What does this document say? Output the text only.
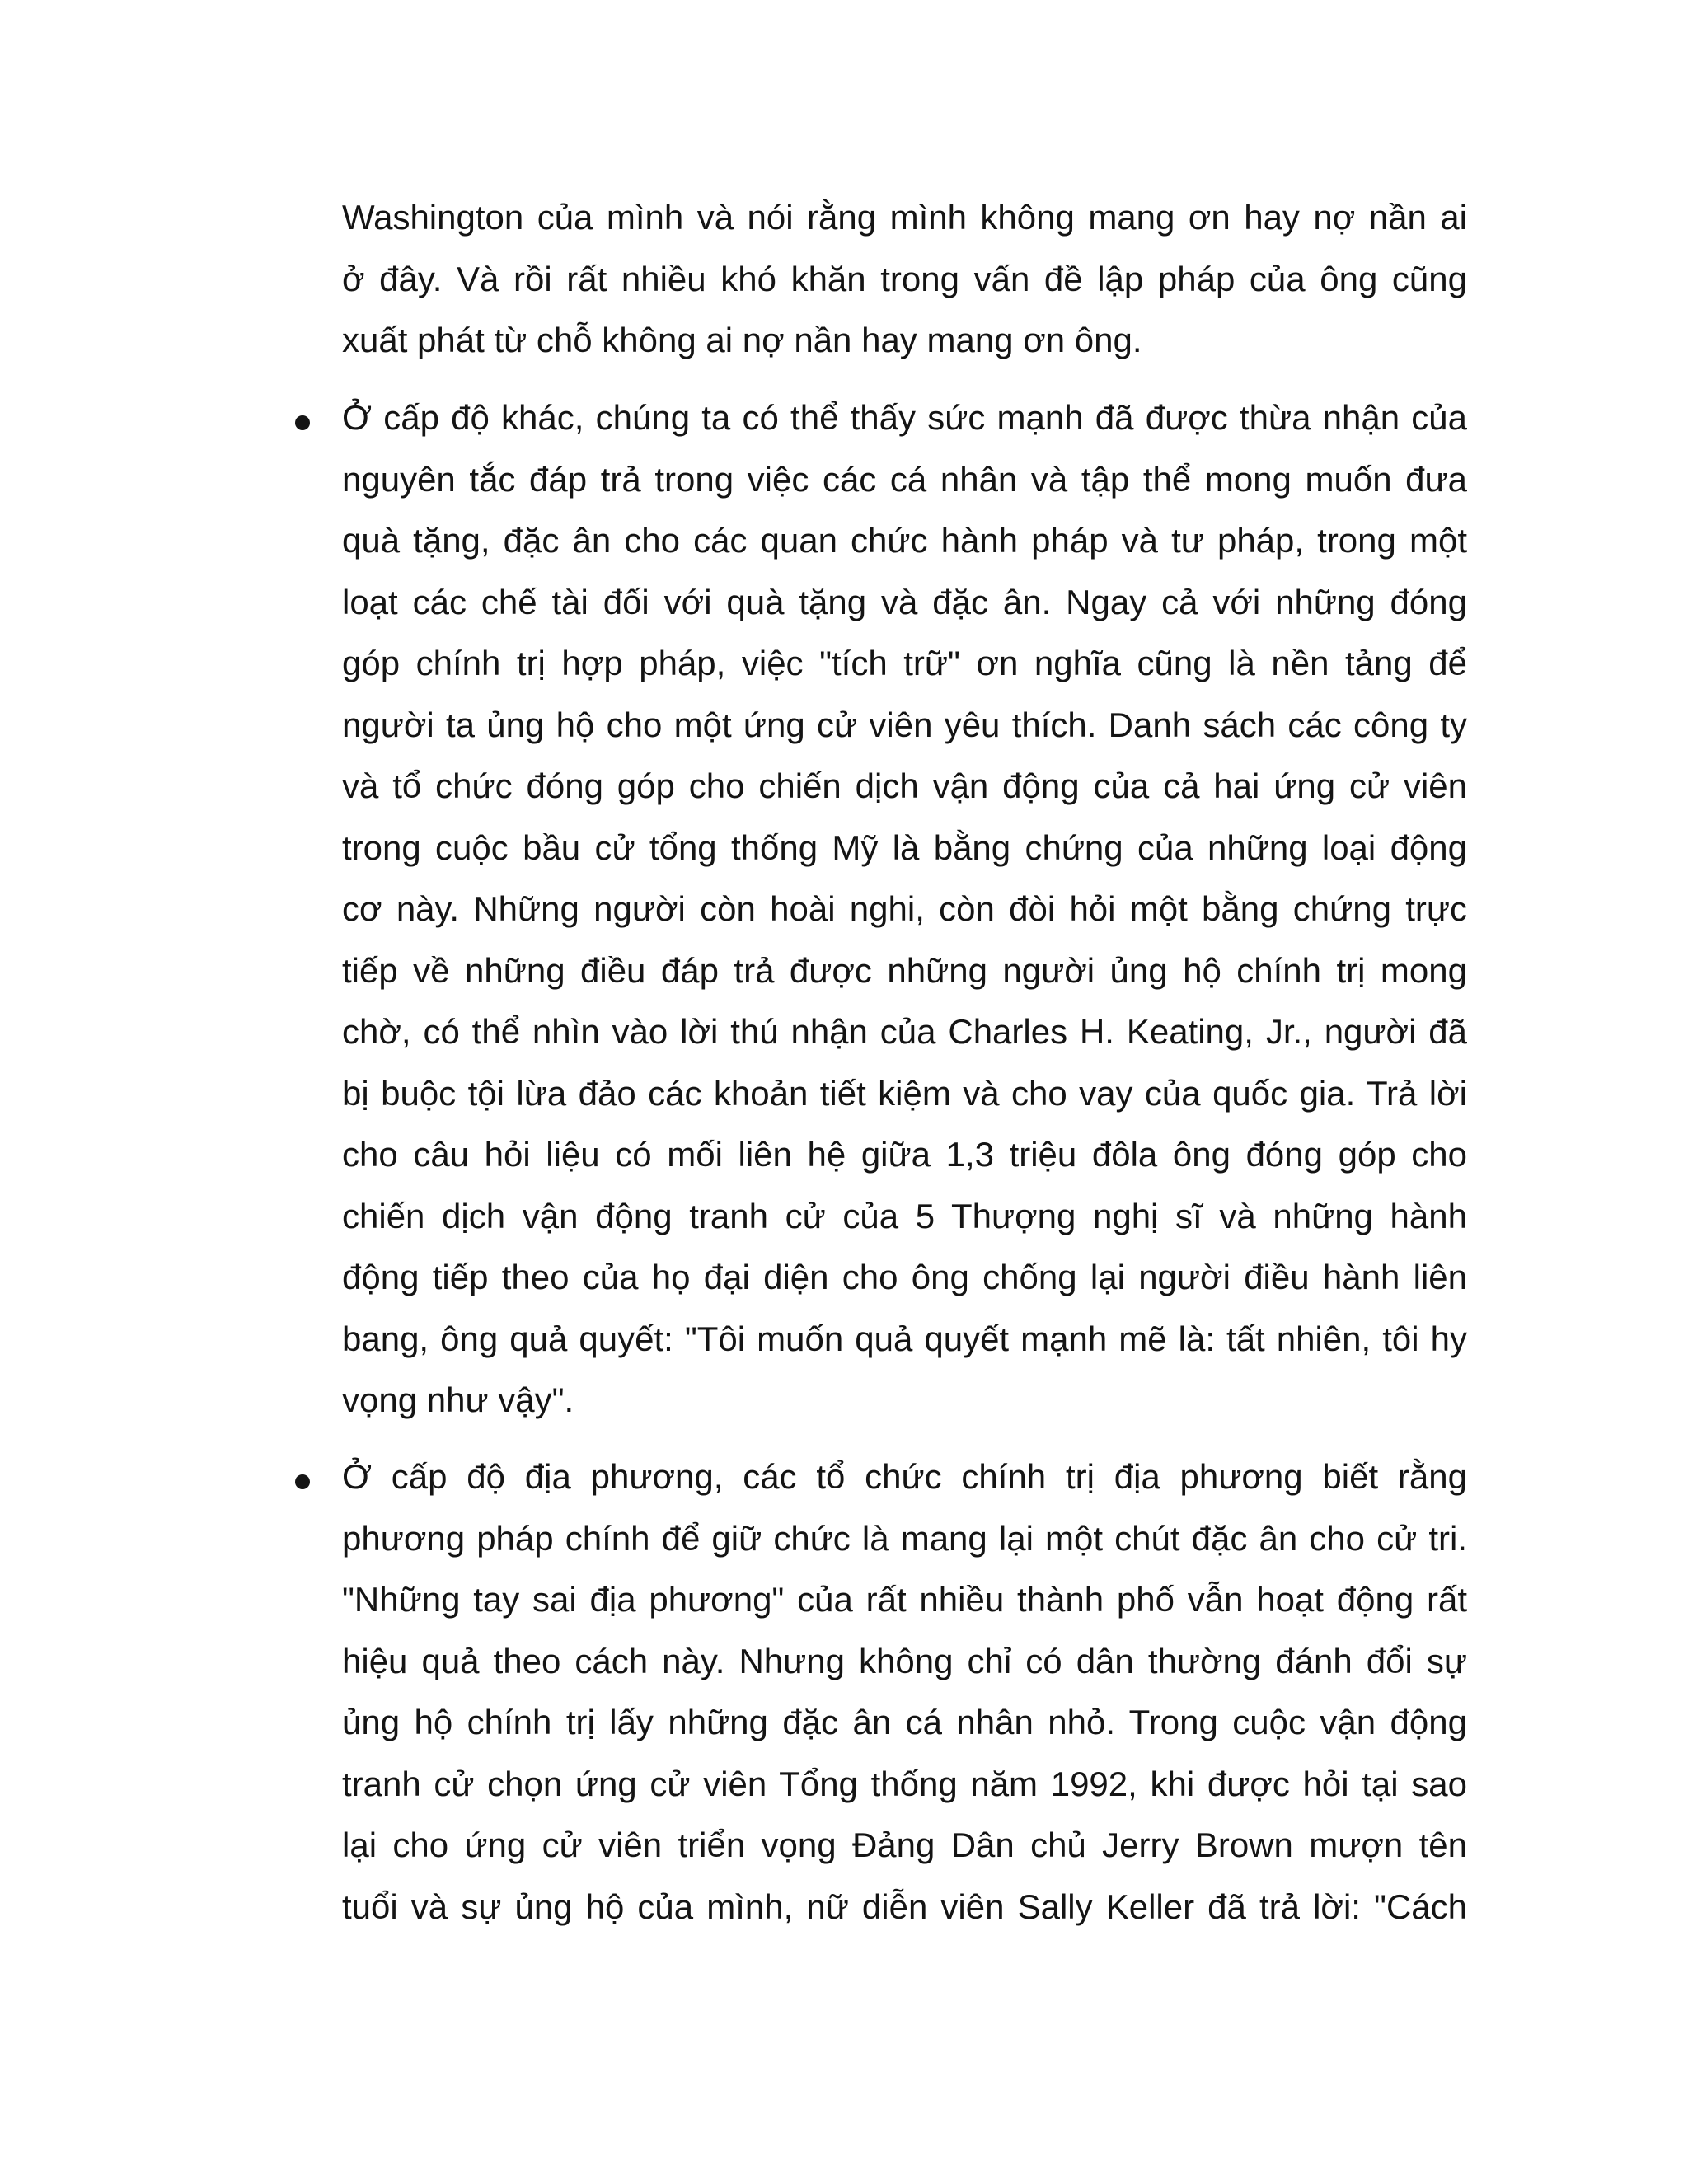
Washington của mình và nói rằng mình không mang ơn hay nợ nần ai
ở đây. Và rồi rất nhiều khó khăn trong vấn đề lập pháp của ông cũng
xuất phát từ chỗ không ai nợ nần hay mang ơn ông.
Ở cấp độ khác, chúng ta có thể thấy sức mạnh đã được thừa nhận của
nguyên tắc đáp trả trong việc các cá nhân và tập thể mong muốn đưa
quà tặng, đặc ân cho các quan chức hành pháp và tư pháp, trong một
loạt các chế tài đối với quà tặng và đặc ân. Ngay cả với những đóng
góp chính trị hợp pháp, việc "tích trữ" ơn nghĩa cũng là nền tảng để
người ta ủng hộ cho một ứng cử viên yêu thích. Danh sách các công ty
và tổ chức đóng góp cho chiến dịch vận động của cả hai ứng cử viên
trong cuộc bầu cử tổng thống Mỹ là bằng chứng của những loại động
cơ này. Những người còn hoài nghi, còn đòi hỏi một bằng chứng trực
tiếp về những điều đáp trả được những người ủng hộ chính trị mong
chờ, có thể nhìn vào lời thú nhận của Charles H. Keating, Jr., người đã
bị buộc tội lừa đảo các khoản tiết kiệm và cho vay của quốc gia. Trả lời
cho câu hỏi liệu có mối liên hệ giữa 1,3 triệu đôla ông đóng góp cho
chiến dịch vận động tranh cử của 5 Thượng nghị sĩ và những hành
động tiếp theo của họ đại diện cho ông chống lại người điều hành liên
bang, ông quả quyết: "Tôi muốn quả quyết mạnh mẽ là: tất nhiên, tôi hy
vọng như vậy".
Ở cấp độ địa phương, các tổ chức chính trị địa phương biết rằng
phương pháp chính để giữ chức là mang lại một chút đặc ân cho cử tri.
"Những tay sai địa phương" của rất nhiều thành phố vẫn hoạt động rất
hiệu quả theo cách này. Nhưng không chỉ có dân thường đánh đổi sự
ủng hộ chính trị lấy những đặc ân cá nhân nhỏ. Trong cuộc vận động
tranh cử chọn ứng cử viên Tổng thống năm 1992, khi được hỏi tại sao
lại cho ứng cử viên triển vọng Đảng Dân chủ Jerry Brown mượn tên
tuổi và sự ủng hộ của mình, nữ diễn viên Sally Keller đã trả lời: "Cách
